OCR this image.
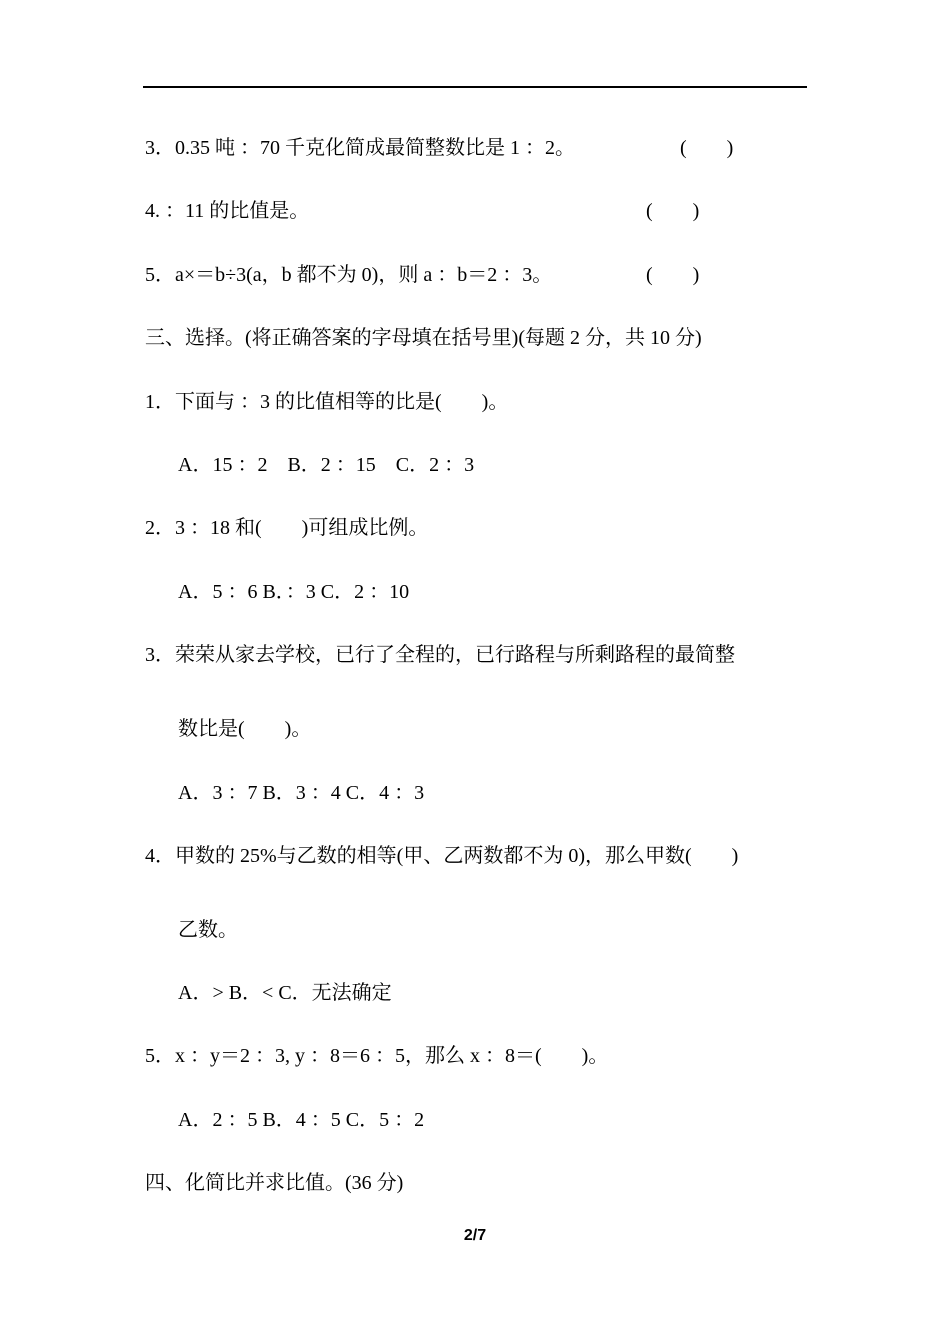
3．0.35 吨 ：70 千克化简成最简整数比是 1 ：2。	(　　)
4. ：11 的比值是。	(　　)
5．a×＝b÷3(a，b 都不为 0)，则 a ：b＝2 ：3。	(　　)
三、选择。(将正确答案的字母填在括号里)(每题 2 分，共 10 分)
1．下面与 ：3 的比值相等的比是(　　)。
A．15 ：2　B．2 ：15　C．2 ：3
2．3 ：18 和(　　)可组成比例。
A．5 ：6 B．：3 C．2 ：10
3．荣荣从家去学校，已行了全程的，已行路程与所剩路程的最简整
数比是(　　)。
A．3 ：7 B．3 ：4 C．4 ：3
4．甲数的 25%与乙数的相等(甲、乙两数都不为 0)，那么甲数(　　)
乙数。
A．> B．< C．无法确定
5．x ：y＝2 ：3, y ：8＝6 ：5，那么 x ：8＝(　　)。
A．2 ：5 B．4 ：5 C．5 ：2
四、化简比并求比值。(36 分)
2/7
